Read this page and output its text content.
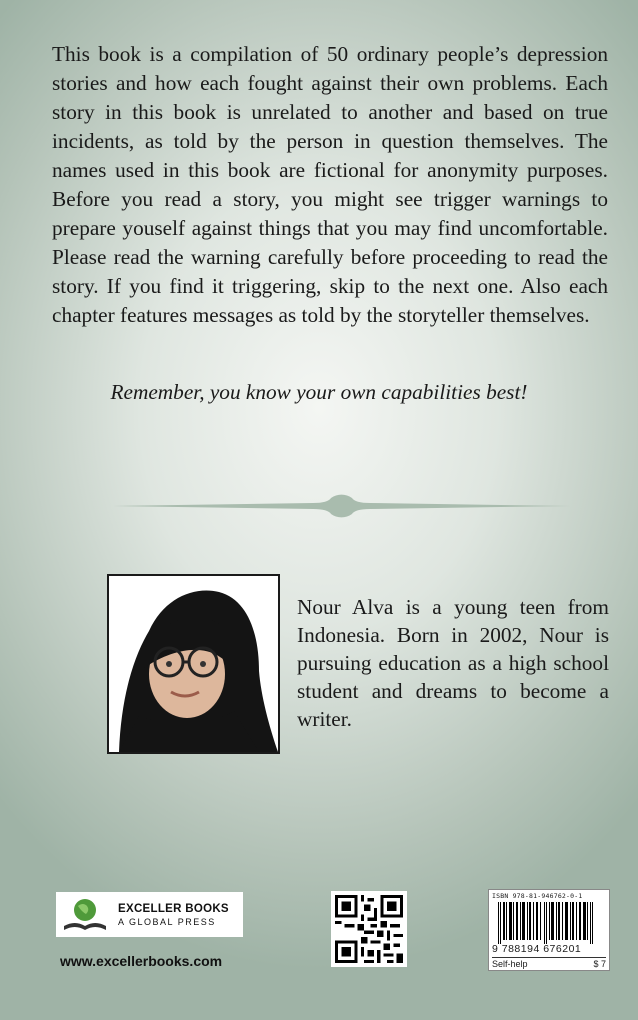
This book is a compilation of 50 ordinary people’s depression stories and how each fought against their own problems. Each story in this book is unrelated to another and based on true incidents, as told by the person in question themselves. The names used in this book are fictional for anonymity purposes. Before you read a story, you might see trigger warnings to prepare youself against things that you may find uncomfortable. Please read the warning carefully before proceeding to read the story. If you find it triggering, skip to the next one. Also each chapter features messages as told by the storyteller themselves.

Remember, you know your own capabilities best!

Nour Alva is a young teen from Indonesia. Born in 2002, Nour is pursuing education as a high school student and dreams to become a writer.

EXCELLER BOOKS
A GLOBAL PRESS
www.excellerbooks.com
ISBN 978-81-946762-0-1
9 788194 676201
Self-help	$ 7
